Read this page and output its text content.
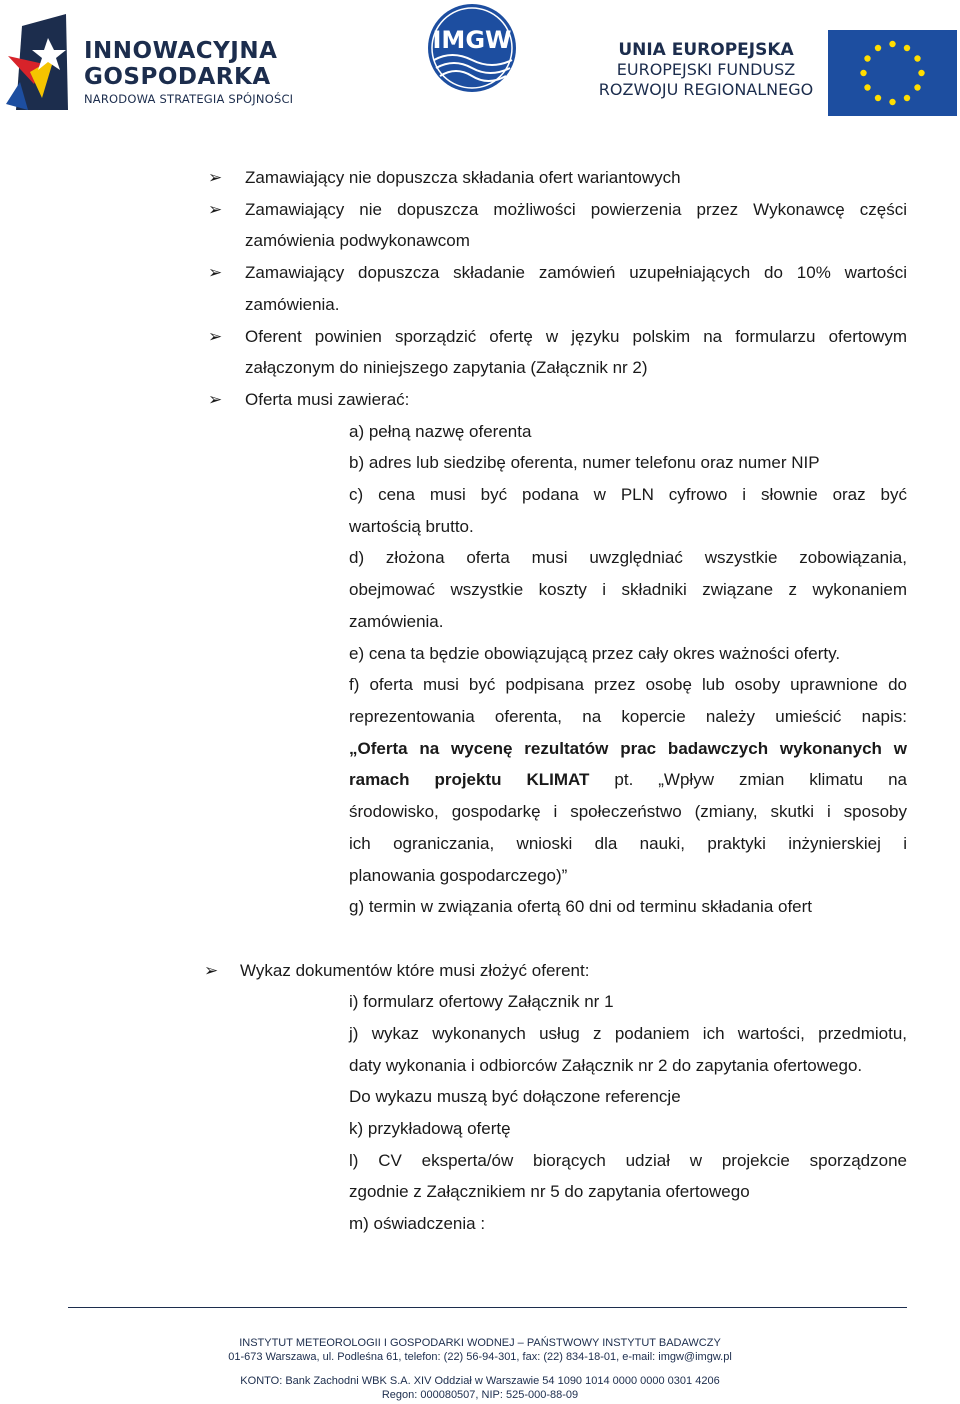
INNOWACYJNA
GOSPODARKA
NARODOWA STRATEGIA SPÓJNOŚCI
IMGW	UNIA EUROPEJSKA
EUROPEJSKI FUNDUSZ
ROZWOJU REGIONALNEGO
➢ Zamawiający nie dopuszcza składania ofert wariantowych
➢ Zamawiający nie dopuszcza możliwości powierzenia przez Wykonawcę części
zamówienia podwykonawcom
➢ Zamawiający dopuszcza składanie zamówień uzupełniających do 10% wartości
zamówienia.
➢ Oferent powinien sporządzić ofertę w języku polskim na formularzu ofertowym
załączonym do niniejszego zapytania (Załącznik nr 2)
➢ Oferta musi zawierać:
a) pełną nazwę oferenta
b) adres lub siedzibę oferenta, numer telefonu oraz numer NIP
c) cena musi być podana w PLN cyfrowo i słownie oraz być
wartością brutto.
d) złożona oferta musi uwzględniać wszystkie zobowiązania,
obejmować wszystkie koszty i składniki związane z wykonaniem
zamówienia.
e) cena ta będzie obowiązującą przez cały okres ważności oferty.
f) oferta musi być podpisana przez osobę lub osoby uprawnione do
reprezentowania oferenta, na kopercie należy umieścić napis:
„Oferta na wycenę rezultatów prac badawczych wykonanych w
ramach projektu KLIMAT pt. „Wpływ zmian klimatu na
środowisko, gospodarkę i społeczeństwo (zmiany, skutki i sposoby
ich ograniczania, wnioski dla nauki, praktyki inżynierskiej i
planowania gospodarczego)”
g) termin w związania ofertą 60 dni od terminu składania ofert
➢ Wykaz dokumentów które musi złożyć oferent:
i) formularz ofertowy Załącznik nr 1
j) wykaz wykonanych usług z podaniem ich wartości, przedmiotu,
daty wykonania i odbiorców Załącznik nr 2 do zapytania ofertowego.
Do wykazu muszą być dołączone referencje
k) przykładową ofertę
l) CV eksperta/ów biorących udział w projekcie sporządzone
zgodnie z Załącznikiem nr 5 do zapytania ofertowego
m) oświadczenia :
INSTYTUT METEOROLOGII I GOSPODARKI WODNEJ – PAŃSTWOWY INSTYTUT BADAWCZY
01-673 Warszawa, ul. Podleśna 61, telefon: (22) 56-94-301, fax: (22) 834-18-01, e-mail: imgw@imgw.pl
KONTO: Bank Zachodni WBK S.A. XIV Oddział w Warszawie 54 1090 1014 0000 0000 0301 4206
Regon: 000080507, NIP: 525-000-88-09
